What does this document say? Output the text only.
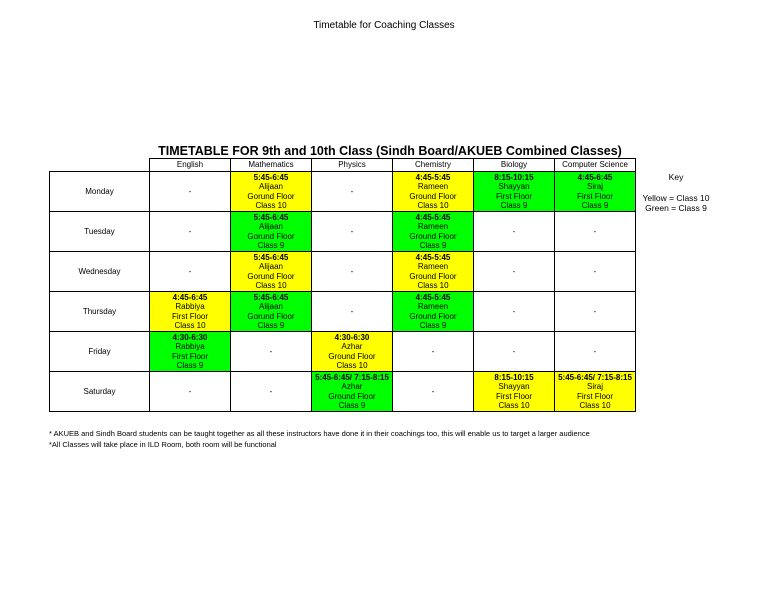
Timetable for Coaching Classes
TIMETABLE FOR 9th and 10th Class (Sindh Board/AKUEB Combined Classes)
	English	Mathematics	Physics	Chemistry	Biology	Computer Science
Monday	-	5:45-6:45
Alijaan
Gorund Floor
Class 10	-	4:45-5:45
Rameen
Ground Floor
Class 10	8:15-10:15
Shayyan
First Floor
Class 9	4:45-6:45
Siraj
First Floor
Class 9

Tuesday	-	5:45-6:45
Alijaan
Gorund Floor
Class 9	-	4:45-5:45
Rameen
Ground Floor
Class 9	-	-

Wednesday	-	5:45-6:45
Alijaan
Gorund Floor
Class 10	-	4:45-5:45
Rameen
Ground Floor
Class 10	-	-

Thursday	4:45-6:45
Rabbiya
First Floor
Class 10	5:45-6:45
Alijaan
Gorund Floor
Class 9	-	4:45-5:45
Rameen
Ground Floor
Class 9	-	-

Friday	4:30-6:30
Rabbiya
First Floor
Class 9	-	4:30-6:30
Azhar
Ground Floor
Class 10	-	-	-

Saturday	-	-	5:45-6:45/ 7:15-8:15
Azhar
Ground Floor
Class 9	-	8:15-10:15
Shayyan
First Floor
Class 10	5:45-6:45/ 7:15-8:15
Siraj
First Floor
Class 10
Key
Yellow = Class 10
Green = Class 9
* AKUEB and Sindh Board students can be taught together as all these instructors have done it in their coachings too, this will enable us to target a larger audience
*All Classes will take place in ILD Room, both room will be functional
